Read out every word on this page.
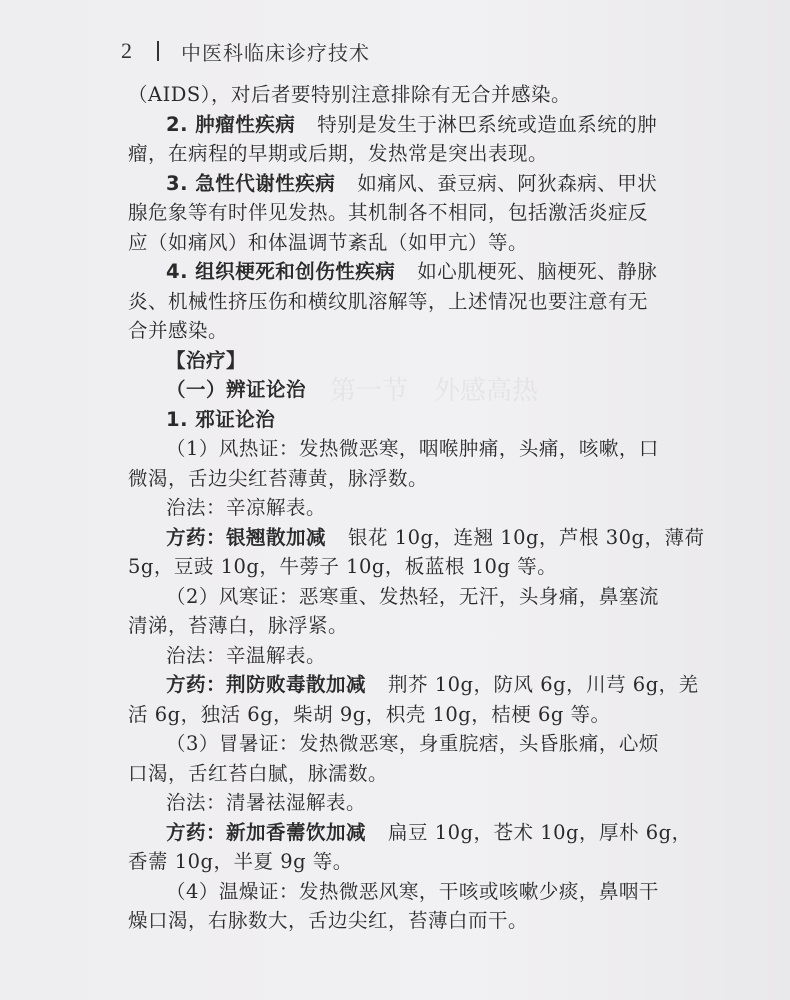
第一节　外感高热
2 中医科临床诊疗技术
（AIDS），对后者要特别注意排除有无合并感染。
2. 肿瘤性疾病 特别是发生于淋巴系统或造血系统的肿
瘤，在病程的早期或后期，发热常是突出表现。
3. 急性代谢性疾病 如痛风、蚕豆病、阿狄森病、甲状
腺危象等有时伴见发热。其机制各不相同，包括激活炎症反
应（如痛风）和体温调节紊乱（如甲亢）等。
4. 组织梗死和创伤性疾病 如心肌梗死、脑梗死、静脉
炎、机械性挤压伤和横纹肌溶解等，上述情况也要注意有无
合并感染。
【治疗】
（一）辨证论治
1. 邪证论治
（1）风热证：发热微恶寒，咽喉肿痛，头痛，咳嗽，口
微渴，舌边尖红苔薄黄，脉浮数。
治法：辛凉解表。
方药：银翘散加减 银花 10g，连翘 10g，芦根 30g，薄荷
5g，豆豉 10g，牛蒡子 10g，板蓝根 10g 等。
（2）风寒证：恶寒重、发热轻，无汗，头身痛，鼻塞流
清涕，苔薄白，脉浮紧。
治法：辛温解表。
方药：荆防败毒散加减 荆芥 10g，防风 6g，川芎 6g，羌
活 6g，独活 6g，柴胡 9g，枳壳 10g，桔梗 6g 等。
（3）冒暑证：发热微恶寒，身重脘痞，头昏胀痛，心烦
口渴，舌红苔白腻，脉濡数。
治法：清暑祛湿解表。
方药：新加香薷饮加减 扁豆 10g，苍术 10g，厚朴 6g，
香薷 10g，半夏 9g 等。
（4）温燥证：发热微恶风寒，干咳或咳嗽少痰，鼻咽干
燥口渴，右脉数大，舌边尖红，苔薄白而干。
